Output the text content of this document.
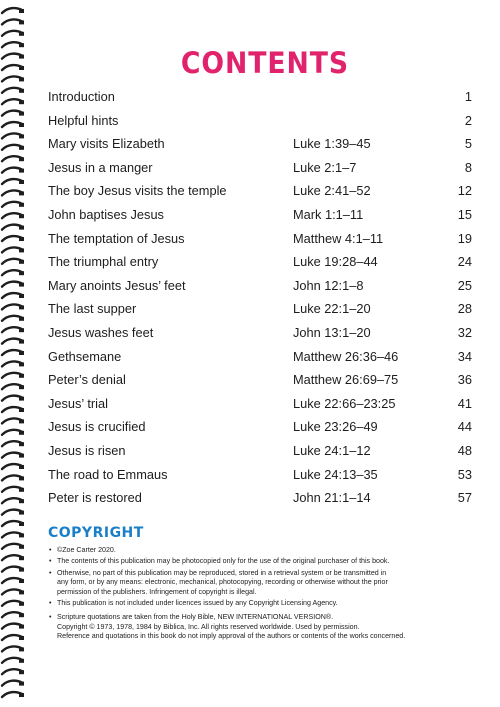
CONTENTS
Introduction	1
Helpful hints	2
Mary visits Elizabeth	Luke 1:39–45	5
Jesus in a manger	Luke 2:1–7	8
The boy Jesus visits the temple	Luke 2:41–52	12
John baptises Jesus	Mark 1:1–11	15
The temptation of Jesus	Matthew 4:1–11	19
The triumphal entry	Luke 19:28–44	24
Mary anoints Jesus’ feet	John 12:1–8	25
The last supper	Luke 22:1–20	28
Jesus washes feet	John 13:1–20	32
Gethsemane	Matthew 26:36–46	34
Peter’s denial	Matthew 26:69–75	36
Jesus’ trial	Luke 22:66–23:25	41
Jesus is crucified	Luke 23:26–49	44
Jesus is risen	Luke 24:1–12	48
The road to Emmaus	Luke 24:13–35	53
Peter is restored	John 21:1–14	57
COPYRIGHT
• ©Zoe Carter 2020.
• The contents of this publication may be photocopied only for the use of the original purchaser of this book.
• Otherwise, no part of this publication may be reproduced, stored in a retrieval system or be transmitted in
any form, or by any means: electronic, mechanical, photocopying, recording or otherwise without the prior
permission of the publishers. Infringement of copyright is illegal.
• This publication is not included under licences issued by any Copyright Licensing Agency.
• Scripture quotations are taken from the Holy Bible, NEW INTERNATIONAL VERSION®.
Copyright © 1973, 1978, 1984 by Biblica, Inc. All rights reserved worldwide. Used by permission.
Reference and quotations in this book do not imply approval of the authors or contents of the works concerned.
